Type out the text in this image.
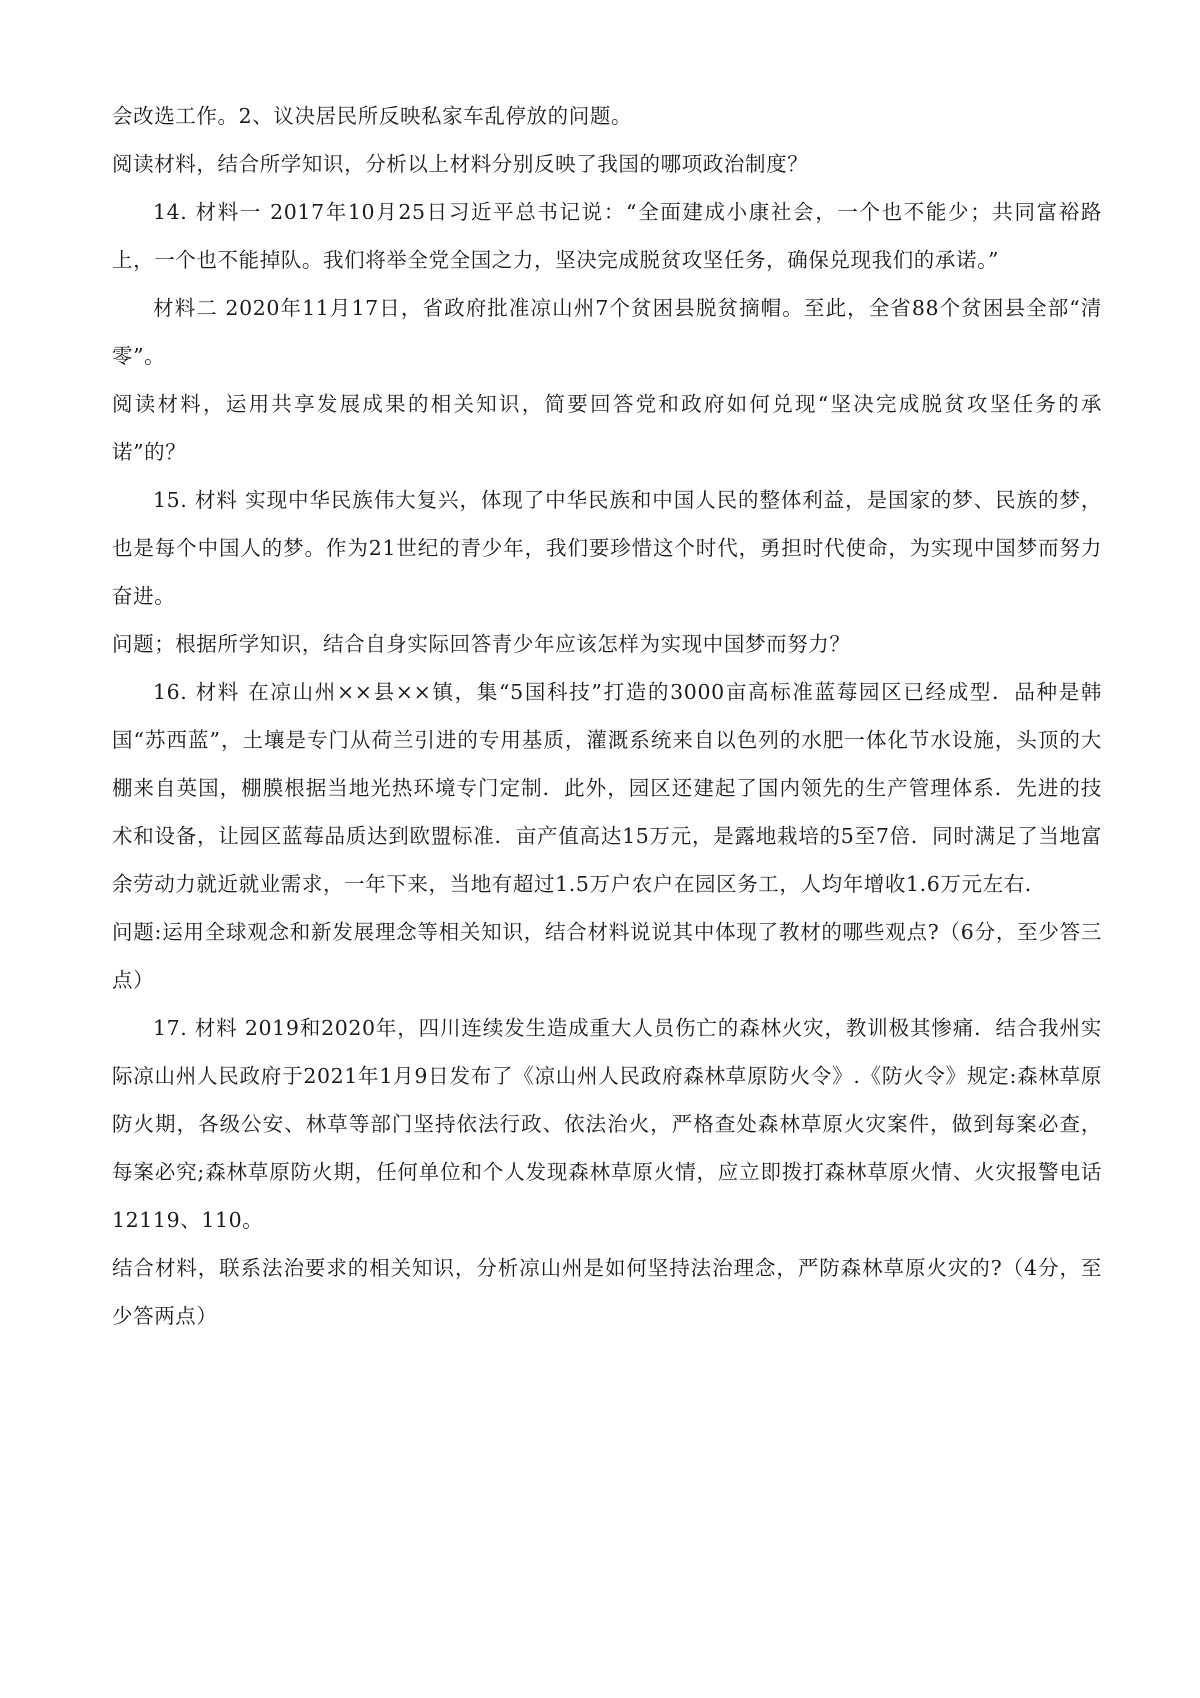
会改选工作。2、议决居民所反映私家车乱停放的问题。

阅读材料，结合所学知识，分析以上材料分别反映了我国的哪项政治制度？

14. 材料一 2017年10月25日习近平总书记说：“全面建成小康社会，一个也不能少；共同富裕路上，一个也不能掉队。我们将举全党全国之力，坚决完成脱贫攻坚任务，确保兑现我们的承诺。”

材料二 2020年11月17日，省政府批准凉山州7个贫困县脱贫摘帽。至此，全省88个贫困县全部“清零”。

阅读材料，运用共享发展成果的相关知识，简要回答党和政府如何兑现“坚决完成脱贫攻坚任务的承诺”的？

15. 材料 实现中华民族伟大复兴，体现了中华民族和中国人民的整体利益，是国家的梦、民族的梦，也是每个中国人的梦。作为21世纪的青少年，我们要珍惜这个时代，勇担时代使命，为实现中国梦而努力奋进。

问题；根据所学知识，结合自身实际回答青少年应该怎样为实现中国梦而努力？

16. 材料 在凉山州××县××镇，集“5国科技”打造的3000亩高标准蓝莓园区已经成型．品种是韩国“苏西蓝”，土壤是专门从荷兰引进的专用基质，灌溉系统来自以色列的水肥一体化节水设施，头顶的大棚来自英国，棚膜根据当地光热环境专门定制．此外，园区还建起了国内领先的生产管理体系．先进的技术和设备，让园区蓝莓品质达到欧盟标准．亩产值高达15万元，是露地栽培的5至7倍．同时满足了当地富余劳动力就近就业需求，一年下来，当地有超过1.5万户农户在园区务工，人均年增收1.6万元左右．

问题:运用全球观念和新发展理念等相关知识，结合材料说说其中体现了教材的哪些观点?（6分，至少答三点）

17. 材料 2019和2020年，四川连续发生造成重大人员伤亡的森林火灾，教训极其惨痛．结合我州实际凉山州人民政府于2021年1月9日发布了《凉山州人民政府森林草原防火令》.《防火令》规定:森林草原防火期，各级公安、林草等部门坚持依法行政、依法治火，严格查处森林草原火灾案件，做到每案必查，每案必究;森林草原防火期，任何单位和个人发现森林草原火情，应立即拨打森林草原火情、火灾报警电话12119、110。

结合材料，联系法治要求的相关知识，分析凉山州是如何坚持法治理念，严防森林草原火灾的?（4分，至少答两点）
